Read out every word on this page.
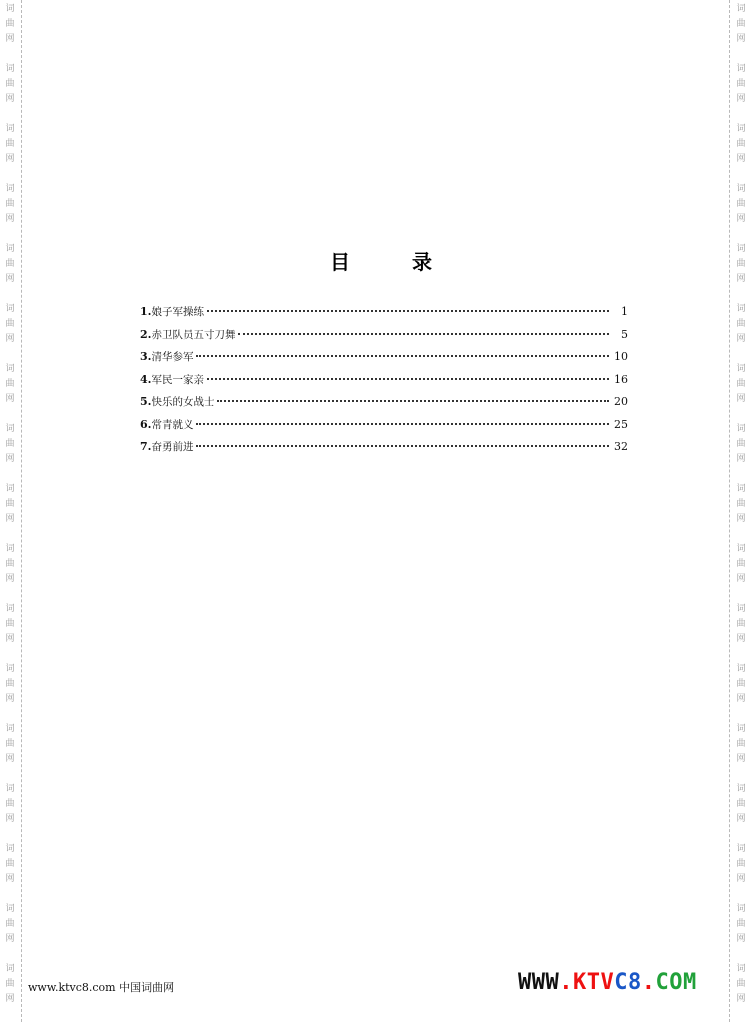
词
曲
网
词
曲
网
词
曲
网
词
曲
网
词
曲
网
词
曲
网
词
曲
网
词
曲
网
词
曲
网
词
曲
网
词
曲
网
词
曲
网
词
曲
网
词
曲
网
词
曲
网
词
曲
网
词
曲
网
词
曲
网
词
曲
网
词
曲
网
词
曲
网
词
曲
网
词
曲
网
词
曲
网
词
曲
网
词
曲
网
词
曲
网
词
曲
网
词
曲
网
词
曲
网
词
曲
网
词
曲
网
词
曲
网
词
曲
网
目	录
1. 娘子军操练	1
2. 赤卫队员五寸刀舞	5
3. 清华参军	10
4. 军民一家亲	16
5. 快乐的女战士	20
6. 常青就义	25
7. 奋勇前进	32
www.ktvc8.com 中国词曲网	WWW.KTVC8.COM
